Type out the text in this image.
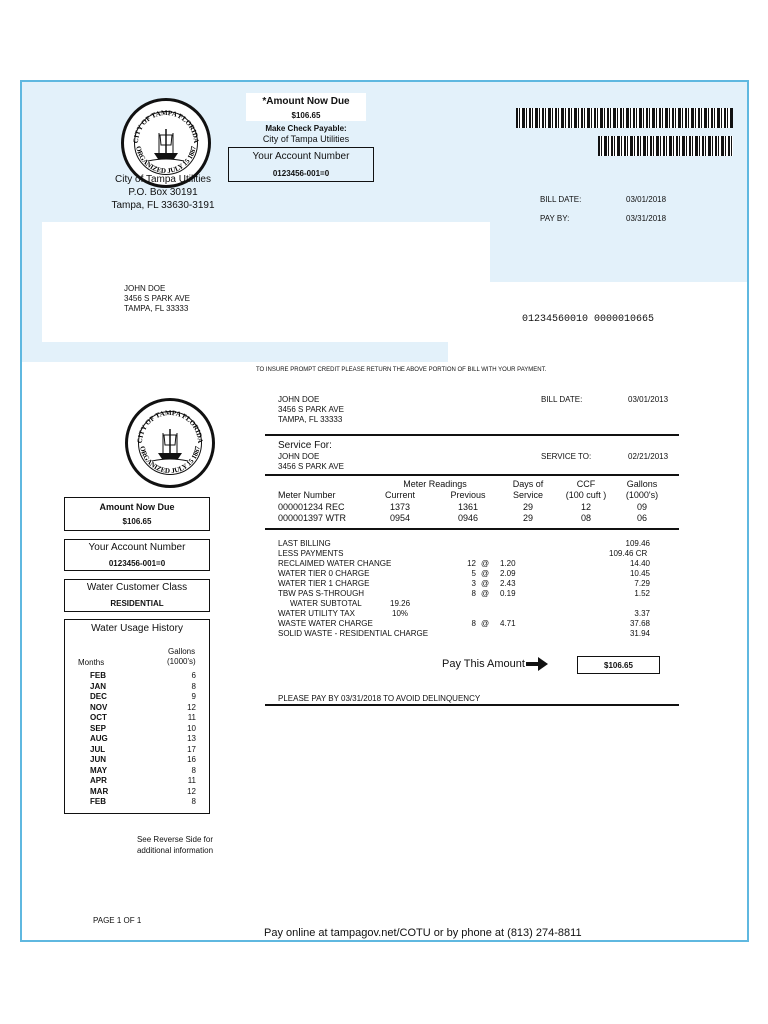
CITY OF TAMPA FLORIDA
ORGANIZED JULY 15 1887
City of Tampa Utilities
P.O. Box 30191
Tampa, FL 33630-3191
*Amount Now Due
$106.65
Make Check Payable:
City of Tampa Utilities
Your Account Number
0123456-001=0
BILL DATE:	03/01/2018
PAY BY:	03/31/2018
JOHN DOE
3456 S PARK AVE
TAMPA, FL 33333
01234560010 0000010665
TO INSURE PROMPT CREDIT PLEASE RETURN THE ABOVE PORTION OF BILL WITH YOUR PAYMENT.
CITY OF TAMPA FLORIDA
ORGANIZED JULY 15 1887
JOHN DOE
3456 S PARK AVE
TAMPA, FL 33333
BILL DATE:	03/01/2013
Service For:
JOHN DOE
3456 S PARK AVE
SERVICE TO:	02/21/2013
Meter Readings	Days of	CCF	Gallons
Meter Number	Current	Previous	Service	(100 cuft )	(1000's)
000001234 REC	1373	1361	29	12	09
000001397 WTR	0954	0946	29	08	06
LAST BILLING	109.46
LESS PAYMENTS	109.46 CR
RECLAIMED WATER CHANGE	12 @ 1.20	14.40
WATER TIER 0 CHARGE	5 @ 2.09	10.45
WATER TIER 1 CHARGE	3 @ 2.43	7.29
TBW PAS S-THROUGH	8 @ 0.19	1.52
WATER SUBTOTAL	19.26
WATER UTILITY TAX	10%	3.37
WASTE WATER CHARGE	8 @ 4.71	37.68
SOLID WASTE - RESIDENTIAL CHARGE	31.94
Pay This Amount	$106.65
PLEASE PAY BY 03/31/2018 TO AVOID DELINQUENCY
Amount Now Due
$106.65
Your Account Number
0123456-001=0
Water Customer Class
RESIDENTIAL
Water Usage History
Gallons
(1000's)
Months
FEB	6
JAN	8
DEC	9
NOV	12
OCT	11
SEP	10
AUG	13
JUL	17
JUN	16
MAY	8
APR	11
MAR	12
FEB	8
See Reverse Side for
additional information
PAGE 1 OF 1
Pay online at tampagov.net/COTU or by phone at (813) 274-8811
